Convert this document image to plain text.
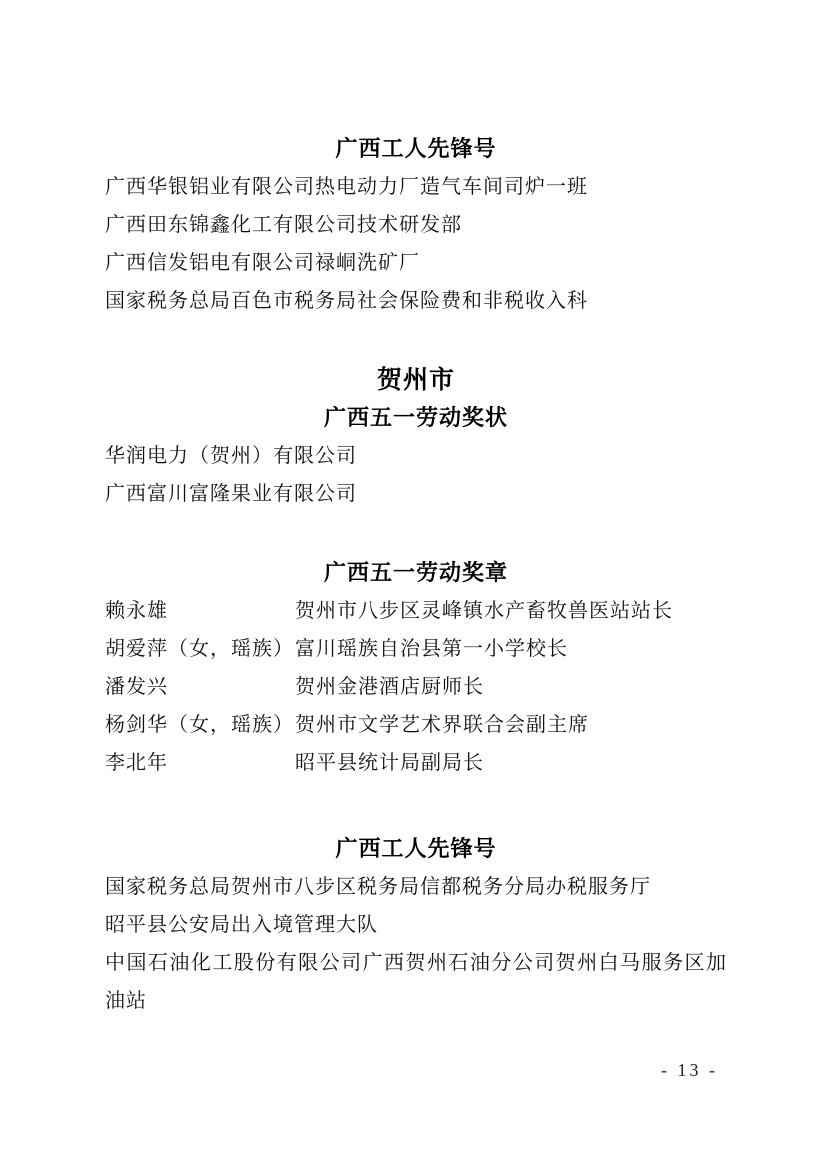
广西工人先锋号
广西华银铝业有限公司热电动力厂造气车间司炉一班
广西田东锦鑫化工有限公司技术研发部
广西信发铝电有限公司禄峒洗矿厂
国家税务总局百色市税务局社会保险费和非税收入科
贺州市
广西五一劳动奖状
华润电力（贺州）有限公司
广西富川富隆果业有限公司
广西五一劳动奖章
赖永雄	贺州市八步区灵峰镇水产畜牧兽医站站长
胡爱萍（女，瑶族） 富川瑶族自治县第一小学校长
潘发兴	贺州金港酒店厨师长
杨剑华（女，瑶族） 贺州市文学艺术界联合会副主席
李北年	昭平县统计局副局长
广西工人先锋号
国家税务总局贺州市八步区税务局信都税务分局办税服务厅
昭平县公安局出入境管理大队
中国石油化工股份有限公司广西贺州石油分公司贺州白马服务区加油站
- 13 -
